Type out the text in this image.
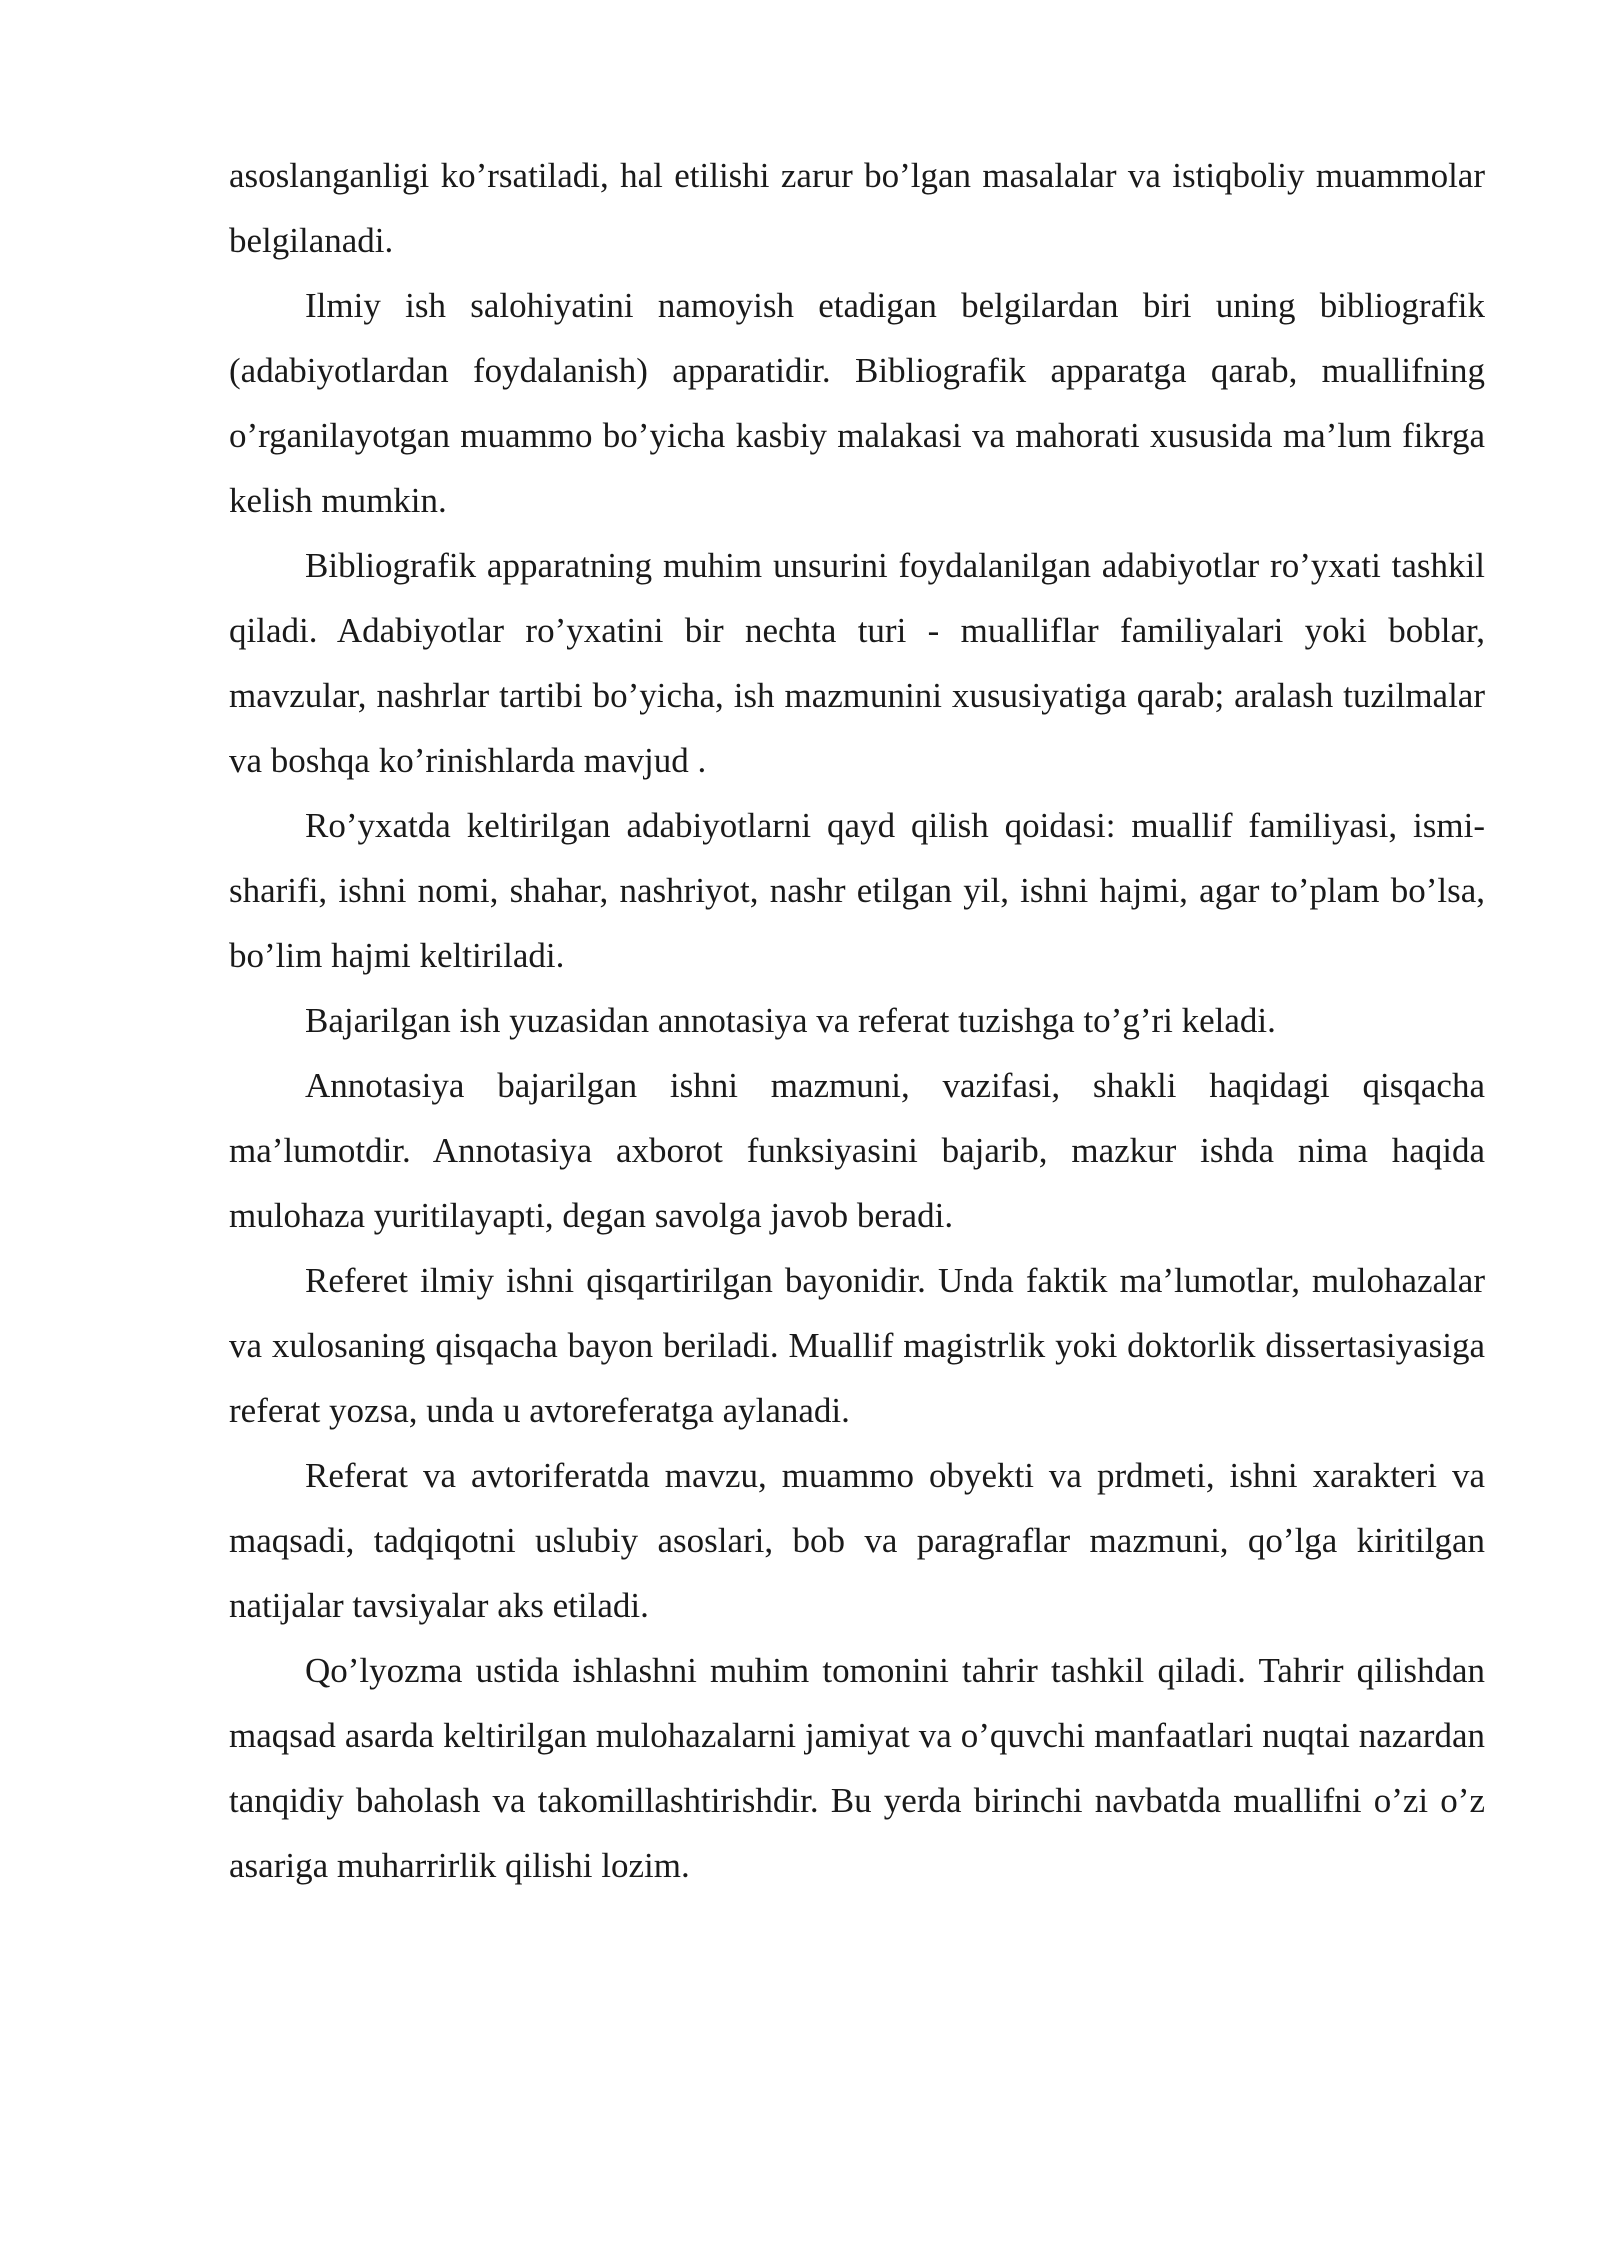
asoslanganligi ko’rsatiladi, hal etilishi zarur bo’lgan masalalar va istiqboliy muammolar belgilanadi.

Ilmiy ish salohiyatini namoyish etadigan belgilardan biri uning bibliografik (adabiyotlardan foydalanish) apparatidir. Bibliografik apparatga qarab, muallifning o’rganilayotgan muammo bo’yicha kasbiy malakasi va mahorati xususida ma’lum fikrga kelish mumkin.

Bibliografik apparatning muhim unsurini foydalanilgan adabiyotlar ro’yxati tashkil qiladi. Adabiyotlar ro’yxatini bir nechta turi - mualliflar familiyalari yoki boblar, mavzular, nashrlar tartibi bo’yicha, ish mazmunini xususiyatiga qarab; aralash tuzilmalar va boshqa ko’rinishlarda mavjud .

Ro’yxatda keltirilgan adabiyotlarni qayd qilish qoidasi: muallif familiyasi, ismi-sharifi, ishni nomi, shahar, nashriyot, nashr etilgan yil, ishni hajmi, agar to’plam bo’lsa, bo’lim hajmi keltiriladi.

Bajarilgan ish yuzasidan annotasiya va referat tuzishga to’g’ri keladi.

Annotasiya bajarilgan ishni mazmuni, vazifasi, shakli haqidagi qisqacha ma’lumotdir. Annotasiya axborot funksiyasini bajarib, mazkur ishda nima haqida mulohaza yuritilayapti, degan savolga javob beradi.

Referet ilmiy ishni qisqartirilgan bayonidir. Unda faktik ma’lumotlar, mulohazalar va xulosaning qisqacha bayon beriladi. Muallif magistrlik yoki doktorlik dissertasiyasiga referat yozsa, unda u avtoreferatga aylanadi.

Referat va avtoriferatda mavzu, muammo obyekti va prdmeti, ishni xarakteri va maqsadi, tadqiqotni uslubiy asoslari, bob va paragraflar mazmuni, qo’lga kiritilgan natijalar tavsiyalar aks etiladi.

Qo’lyozma ustida ishlashni muhim tomonini tahrir tashkil qiladi. Tahrir qilishdan maqsad asarda keltirilgan mulohazalarni jamiyat va o’quvchi manfaatlari nuqtai nazardan tanqidiy baholash va takomillashtirishdir. Bu yerda birinchi navbatda muallifni o’zi o’z asariga muharrirlik qilishi lozim.
